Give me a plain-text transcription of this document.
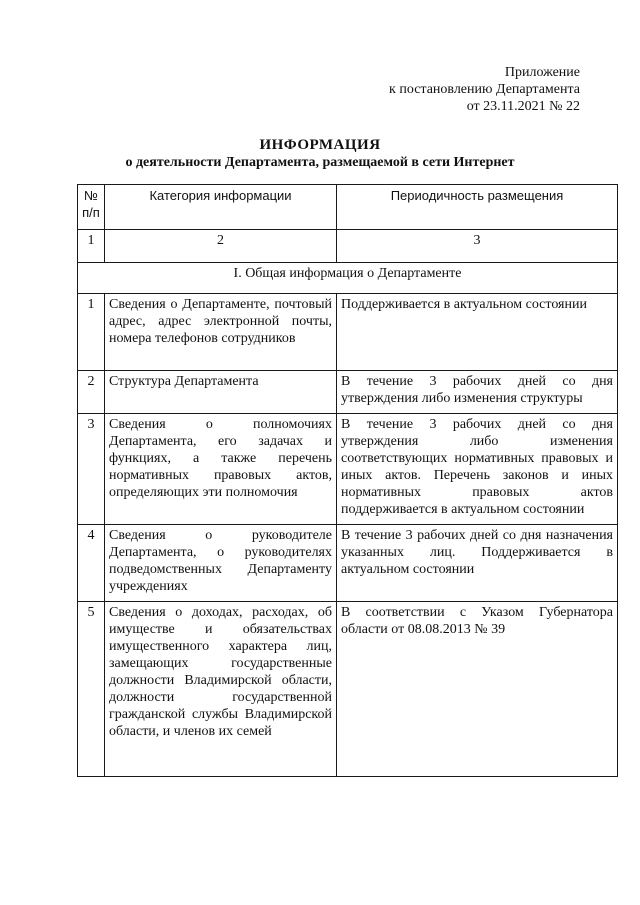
Приложение
к постановлению Департамента
от 23.11.2021 № 22
ИНФОРМАЦИЯ
о деятельности Департамента, размещаемой в сети Интернет
№ п/п	Категория информации	Периодичность размещения
1	2	3
I. Общая информация о Департаменте		
1	Сведения о Департаменте, почтовый адрес, адрес электронной почты, номера телефонов сотрудников	Поддерживается в актуальном состоянии
2	Структура Департамента	В течение 3 рабочих дней со дня утверждения либо изменения структуры
3	Сведения о полномочиях Департамента, его задачах и функциях, а также перечень нормативных правовых актов, определяющих эти полномочия	В течение 3 рабочих дней со дня утверждения либо изменения соответствующих нормативных правовых и иных актов. Перечень законов и иных нормативных правовых актов поддерживается в актуальном состоянии
4	Сведения о руководителе Департамента, о руководителях подведомственных Департаменту учреждениях	В течение 3 рабочих дней со дня назначения указанных лиц. Поддерживается в актуальном состоянии
5	Сведения о доходах, расходах, об имуществе и обязательствах имущественного характера лиц, замещающих государственные должности Владимирской области, должности государственной гражданской службы Владимирской области, и членов их семей	В соответствии с Указом Губернатора области от 08.08.2013 № 39
